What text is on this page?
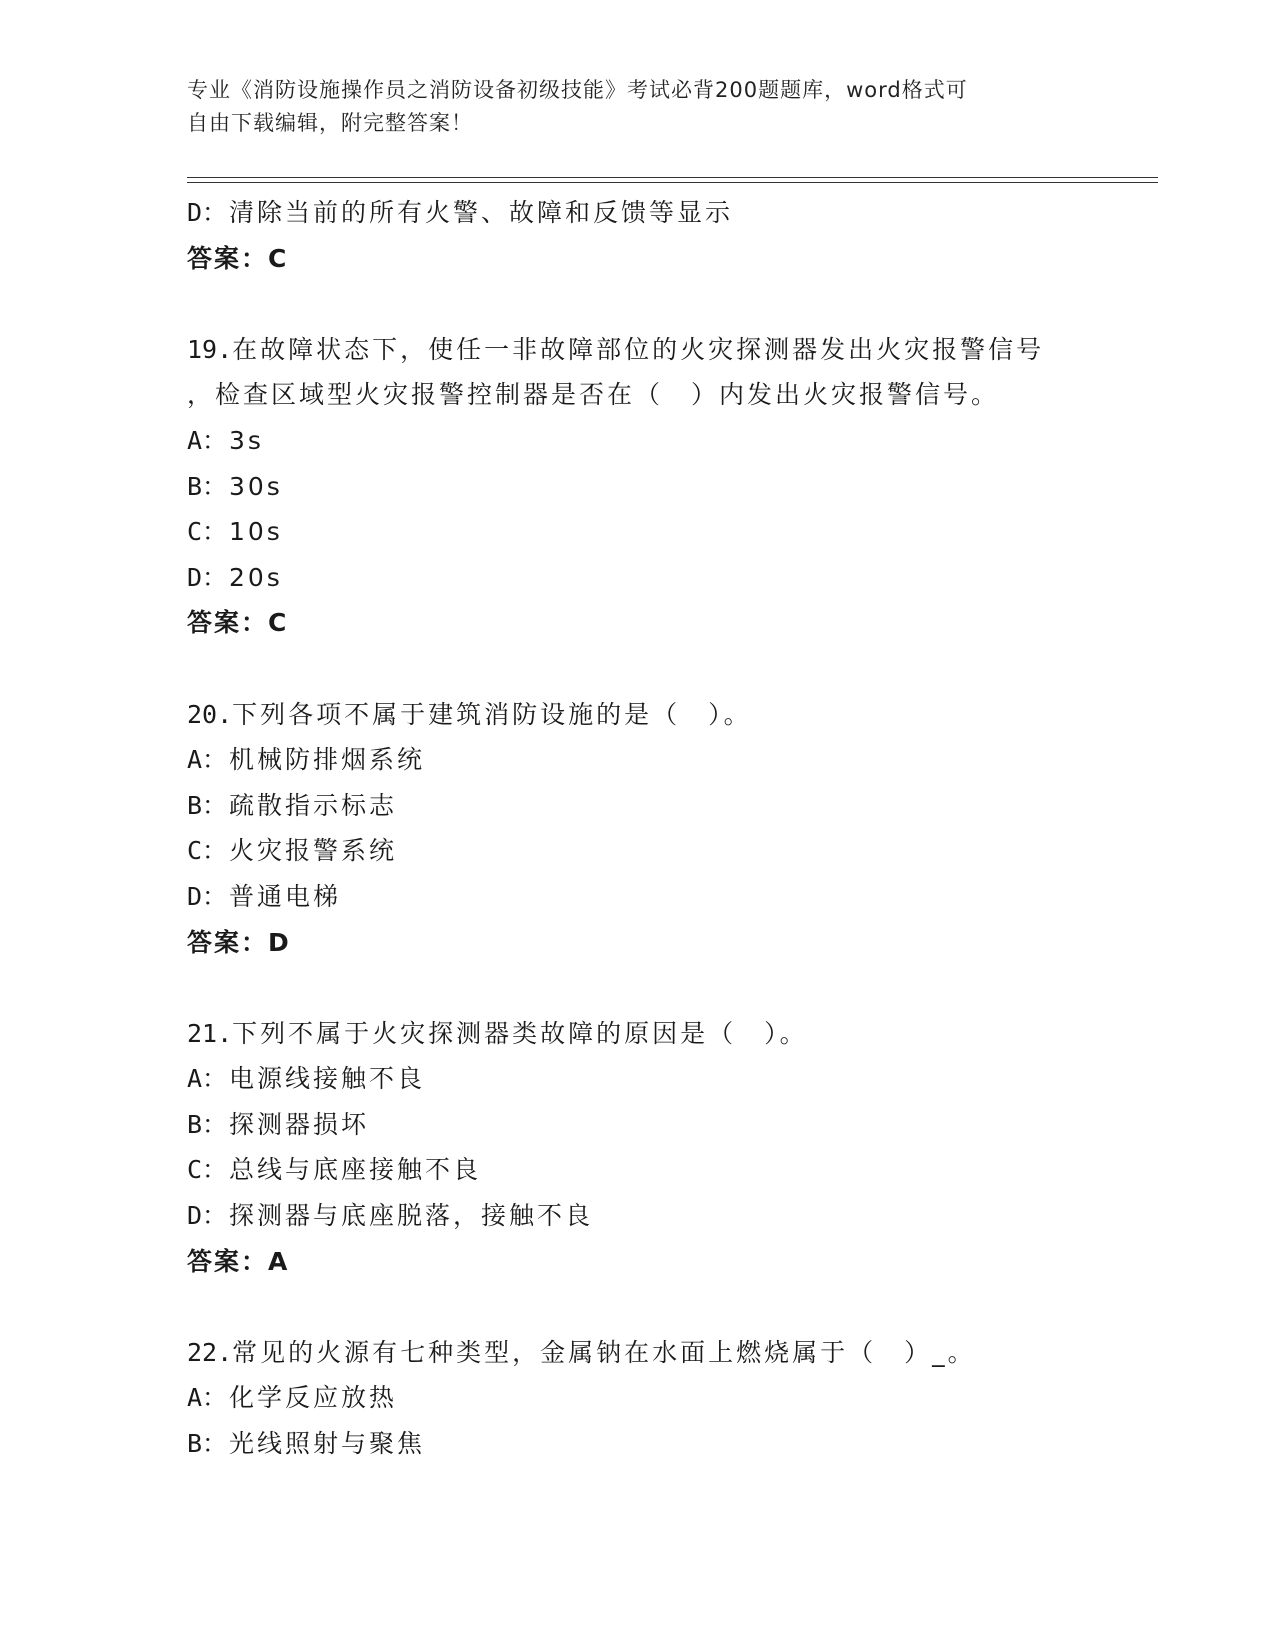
专业《消防设施操作员之消防设备初级技能》考试必背200题题库，word格式可
自由下载编辑，附完整答案！
D：清除当前的所有火警、故障和反馈等显示
答案：C
19.在故障状态下，使任一非故障部位的火灾探测器发出火灾报警信号
，检查区域型火灾报警控制器是否在（　）内发出火灾报警信号。
A：3s
B：30s
C：10s
D：20s
答案：C
20.下列各项不属于建筑消防设施的是（　）。
A：机械防排烟系统
B：疏散指示标志
C：火灾报警系统
D：普通电梯
答案：D
21.下列不属于火灾探测器类故障的原因是（　）。
A：电源线接触不良
B：探测器损坏
C：总线与底座接触不良
D：探测器与底座脱落，接触不良
答案：A
22.常见的火源有七种类型，金属钠在水面上燃烧属于（　）_。
A：化学反应放热
B：光线照射与聚焦
